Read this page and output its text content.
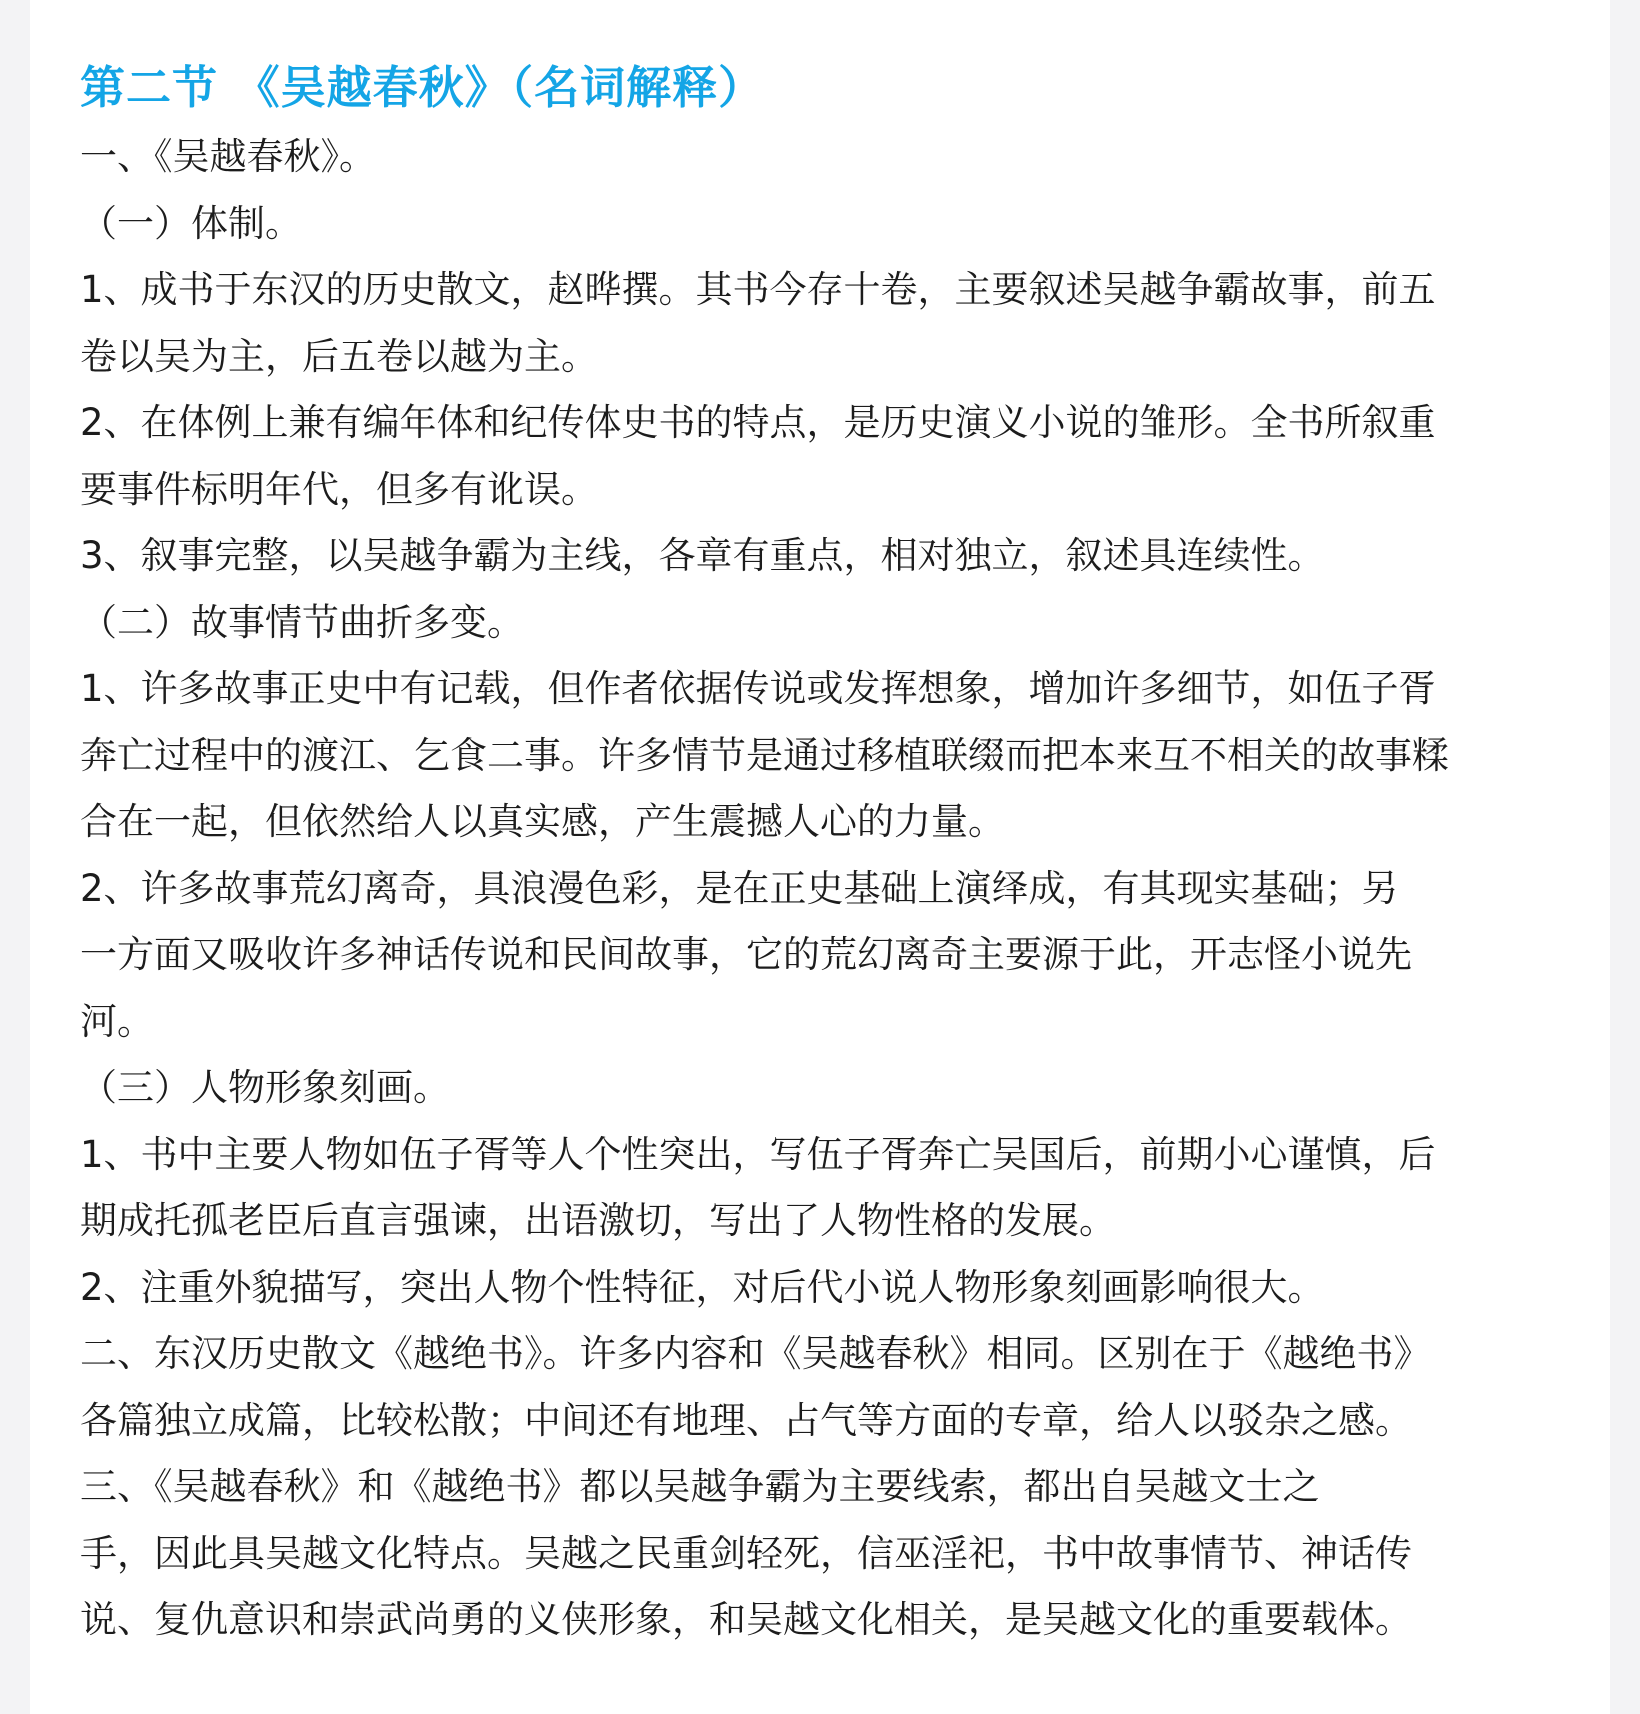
第二节 《吴越春秋》（名词解释）

一、《吴越春秋》。

（一）体制。

1、成书于东汉的历史散文，赵晔撰。其书今存十卷，主要叙述吴越争霸故事，前五

卷以吴为主，后五卷以越为主。

2、在体例上兼有编年体和纪传体史书的特点，是历史演义小说的雏形。全书所叙重

要事件标明年代，但多有讹误。

3、叙事完整，以吴越争霸为主线，各章有重点，相对独立，叙述具连续性。

（二）故事情节曲折多变。

1、许多故事正史中有记载，但作者依据传说或发挥想象，增加许多细节，如伍子胥

奔亡过程中的渡江、乞食二事。许多情节是通过移植联缀而把本来互不相关的故事糅

合在一起，但依然给人以真实感，产生震撼人心的力量。

2、许多故事荒幻离奇，具浪漫色彩，是在正史基础上演绎成，有其现实基础；另

一方面又吸收许多神话传说和民间故事，它的荒幻离奇主要源于此，开志怪小说先

河。

（三）人物形象刻画。

1、书中主要人物如伍子胥等人个性突出，写伍子胥奔亡吴国后，前期小心谨慎，后

期成托孤老臣后直言强谏，出语激切，写出了人物性格的发展。

2、注重外貌描写，突出人物个性特征，对后代小说人物形象刻画影响很大。

二、东汉历史散文《越绝书》。许多内容和《吴越春秋》相同。区别在于《越绝书》

各篇独立成篇，比较松散；中间还有地理、占气等方面的专章，给人以驳杂之感。

三、《吴越春秋》和《越绝书》都以吴越争霸为主要线索，都出自吴越文士之

手，因此具吴越文化特点。吴越之民重剑轻死，信巫淫祀，书中故事情节、神话传

说、复仇意识和崇武尚勇的义侠形象，和吴越文化相关，是吴越文化的重要载体。
